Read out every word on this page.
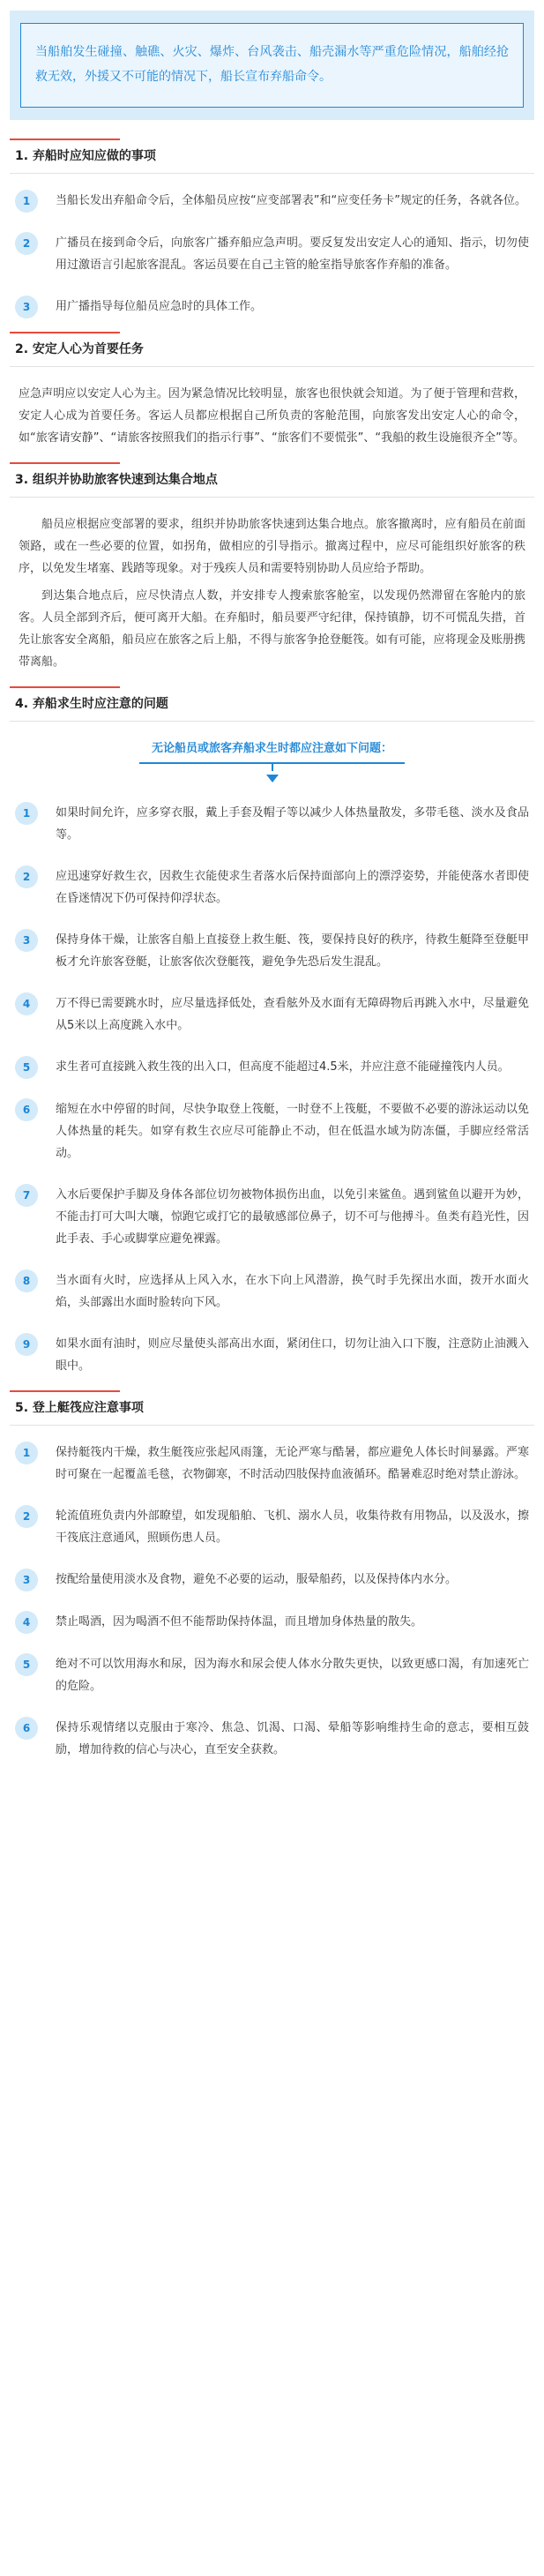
当船舶发生碰撞、触礁、火灾、爆炸、台风袭击、船壳漏水等严重危险情况，船舶经抢救无效，外援又不可能的情况下，船长宣布弃船命令。

1. 弃船时应知应做的事项
1	当船长发出弃船命令后，全体船员应按“应变部署表”和“应变任务卡”规定的任务，各就各位。
2	广播员在接到命令后，向旅客广播弃船应急声明。要反复发出安定人心的通知、指示，切勿使用过激语言引起旅客混乱。客运员要在自己主管的舱室指导旅客作弃船的准备。
3	用广播指导每位船员应急时的具体工作。
2. 安定人心为首要任务

应急声明应以安定人心为主。因为紧急情况比较明显，旅客也很快就会知道。为了便于管理和营救，安定人心成为首要任务。客运人员都应根据自己所负责的客舱范围，向旅客发出安定人心的命令，如“旅客请安静”、“请旅客按照我们的指示行事”、“旅客们不要慌张”、“我船的救生设施很齐全”等。

3. 组织并协助旅客快速到达集合地点

船员应根据应变部署的要求，组织并协助旅客快速到达集合地点。旅客撤离时，应有船员在前面领路，或在一些必要的位置，如拐角，做相应的引导指示。撤离过程中，应尽可能组织好旅客的秩序，以免发生堵塞、践踏等现象。对于残疾人员和需要特别协助人员应给予帮助。

到达集合地点后，应尽快清点人数，并安排专人搜索旅客舱室，以发现仍然滞留在客舱内的旅客。人员全部到齐后，便可离开大船。在弃船时，船员要严守纪律，保持镇静，切不可慌乱失措，首先让旅客安全离船，船员应在旅客之后上船，不得与旅客争抢登艇筏。如有可能，应将现金及账册携带离船。

4. 弃船求生时应注意的问题
无论船员或旅客弃船求生时都应注意如下问题：
1	如果时间允许，应多穿衣服，戴上手套及帽子等以减少人体热量散发，多带毛毯、淡水及食品等。
2	应迅速穿好救生衣，因救生衣能使求生者落水后保持面部向上的漂浮姿势，并能使落水者即使在昏迷情况下仍可保持仰浮状态。
3	保持身体干燥，让旅客自船上直接登上救生艇、筏，要保持良好的秩序，待救生艇降至登艇甲板才允许旅客登艇，让旅客依次登艇筏，避免争先恐后发生混乱。
4	万不得已需要跳水时，应尽量选择低处，查看舷外及水面有无障碍物后再跳入水中，尽量避免从5米以上高度跳入水中。
5	求生者可直接跳入救生筏的出入口，但高度不能超过4.5米，并应注意不能碰撞筏内人员。
6	缩短在水中停留的时间，尽快争取登上筏艇，一时登不上筏艇，不要做不必要的游泳运动以免人体热量的耗失。如穿有救生衣应尽可能静止不动，但在低温水域为防冻僵，手脚应经常活动。
7	入水后要保护手脚及身体各部位切勿被物体损伤出血，以免引来鲨鱼。遇到鲨鱼以避开为妙，不能击打可大叫大嚷，惊跑它或打它的最敏感部位鼻子，切不可与他搏斗。鱼类有趋光性，因此手表、手心或脚掌应避免裸露。
8	当水面有火时，应选择从上风入水，在水下向上风潜游，换气时手先探出水面，拨开水面火焰，头部露出水面时脸转向下风。
9	如果水面有油时，则应尽量使头部高出水面，紧闭住口，切勿让油入口下腹，注意防止油溅入眼中。
5. 登上艇筏应注意事项
1	保持艇筏内干燥，救生艇筏应张起风雨篷，无论严寒与酷暑，都应避免人体长时间暴露。严寒时可聚在一起覆盖毛毯，衣物御寒，不时活动四肢保持血液循环。酷暑难忍时绝对禁止游泳。
2	轮流值班负责内外部瞭望，如发现船舶、飞机、溺水人员，收集待救有用物品，以及汲水，擦干筏底注意通风，照顾伤患人员。
3	按配给量使用淡水及食物，避免不必要的运动，服晕船药，以及保持体内水分。
4	禁止喝酒，因为喝酒不但不能帮助保持体温，而且增加身体热量的散失。
5	绝对不可以饮用海水和尿，因为海水和尿会使人体水分散失更快，以致更感口渴，有加速死亡的危险。
6	保持乐观情绪以克服由于寒冷、焦急、饥渴、口渴、晕船等影响维持生命的意志，要相互鼓励，增加待救的信心与决心，直至安全获救。
